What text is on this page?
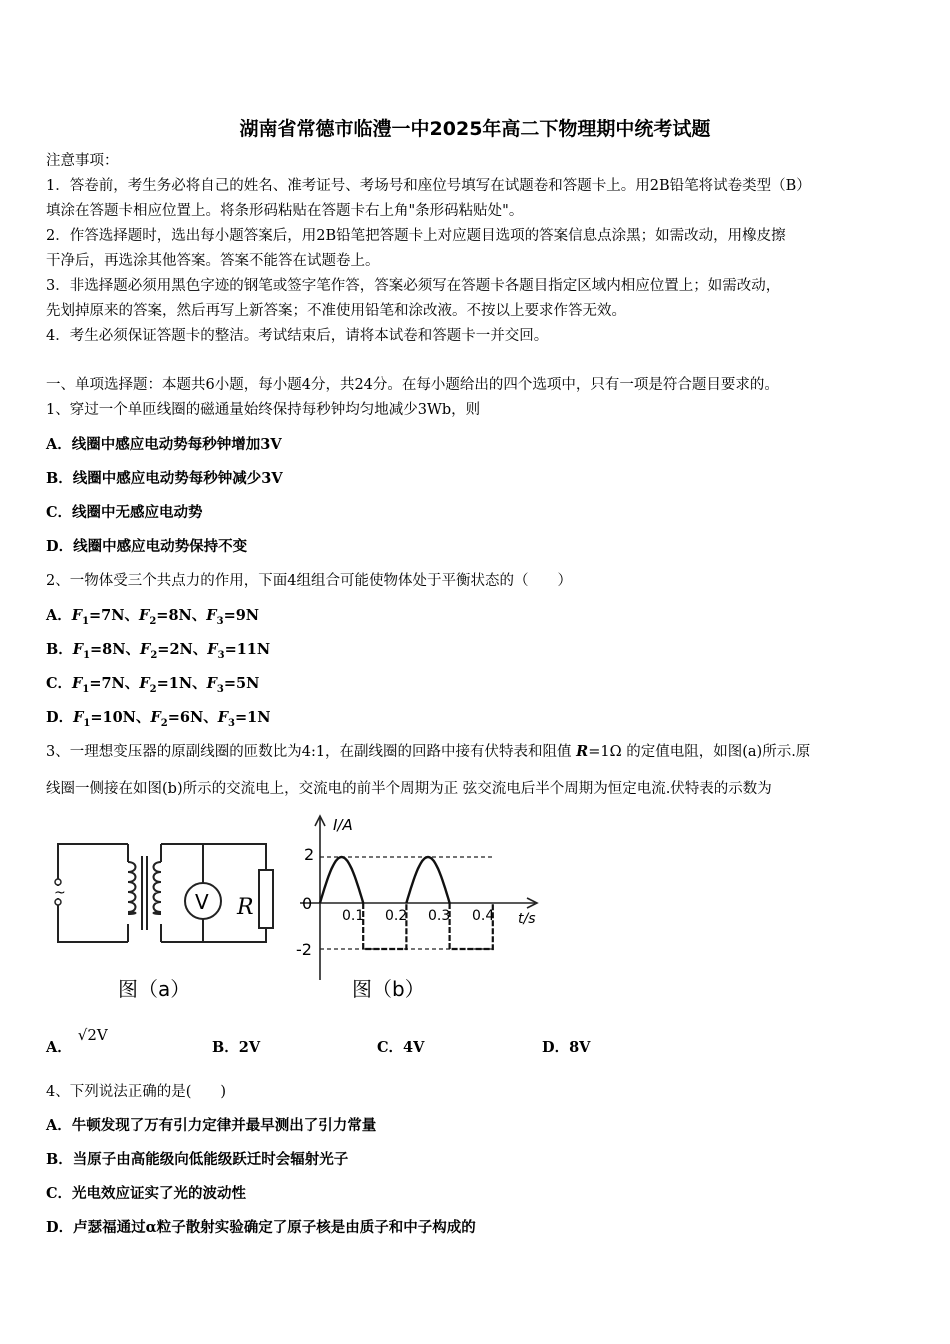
湖南省常德市临澧一中2025年高二下物理期中统考试题
注意事项：
1．答卷前，考生务必将自己的姓名、准考证号、考场号和座位号填写在试题卷和答题卡上。用2B铅笔将试卷类型（B）
填涂在答题卡相应位置上。将条形码粘贴在答题卡右上角"条形码粘贴处"。
2．作答选择题时，选出每小题答案后，用2B铅笔把答题卡上对应题目选项的答案信息点涂黑；如需改动，用橡皮擦
干净后，再选涂其他答案。答案不能答在试题卷上。
3．非选择题必须用黑色字迹的钢笔或签字笔作答，答案必须写在答题卡各题目指定区域内相应位置上；如需改动，
先划掉原来的答案，然后再写上新答案；不准使用铅笔和涂改液。不按以上要求作答无效。
4．考生必须保证答题卡的整洁。考试结束后，请将本试卷和答题卡一并交回。
一、单项选择题：本题共6小题，每小题4分，共24分。在每小题给出的四个选项中，只有一项是符合题目要求的。
1、穿过一个单匝线圈的磁通量始终保持每秒钟均匀地减少3Wb，则
A．线圈中感应电动势每秒钟增加3V
B．线圈中感应电动势每秒钟减少3V
C．线圈中无感应电动势
D．线圈中感应电动势保持不变
2、一物体受三个共点力的作用，下面4组组合可能使物体处于平衡状态的（　　）
A．$F_1=7N$、$F_2=8N$、$F_3=9N$
B．$F_1=8N$、$F_2=2N$、$F_3=11N$
C．$F_1=7N$、$F_2=1N$、$F_3=5N$
D．$F_1=10N$、$F_2=6N$、$F_3=1N$
3、一理想变压器的原副线圈的匝数比为4:1，在副线圈的回路中接有伏特表和阻值 R=1Ω 的定值电阻，如图(a)所示.原
线圈一侧接在如图(b)所示的交流电上，交流电的前半个周期为正 弦交流电后半个周期为恒定电流.伏特表的示数为
~	V R
图（a）
I/A
t/s
2
0
-2
0.1 0.2 0.3 0.4
图（b）
A．√2V
B．2V	C．4V	D．8V
4、下列说法正确的是(　　)
A．牛顿发现了万有引力定律并最早测出了引力常量
B．当原子由高能级向低能级跃迁时会辐射光子
C．光电效应证实了光的波动性
D．卢瑟福通过α粒子散射实验确定了原子核是由质子和中子构成的
